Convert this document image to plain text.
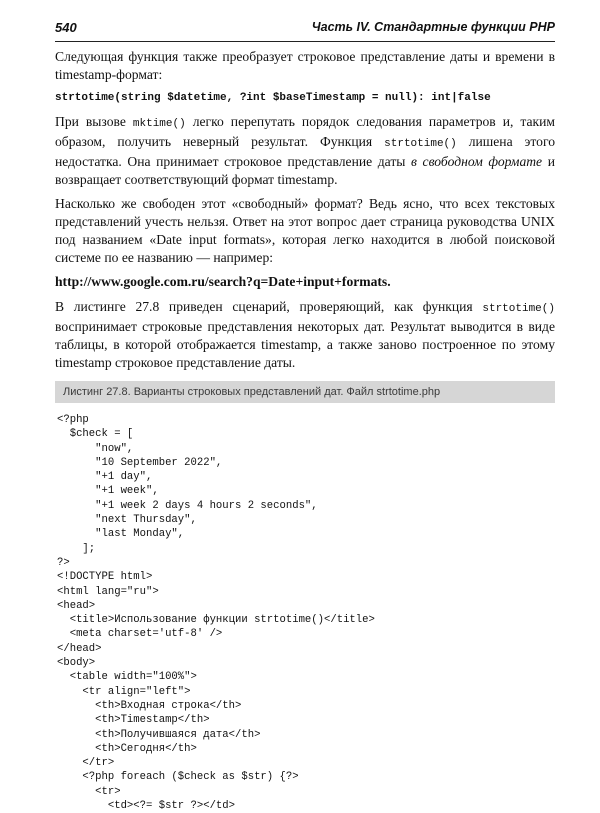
540	Часть IV. Стандартные функции PHP

Следующая функция также преобразует строковое представление даты и времени в timestamp-формат:

strtotime(string $datetime, ?int $baseTimestamp = null): int|false

При вызове mktime() легко перепутать порядок следования параметров и, таким образом, получить неверный результат. Функция strtotime() лишена этого недостатка. Она принимает строковое представление даты в свободном формате и возвращает соответствующий формат timestamp.

Насколько же свободен этот «свободный» формат? Ведь ясно, что всех текстовых представлений учесть нельзя. Ответ на этот вопрос дает страница руководства UNIX под названием «Date input formats», которая легко находится в любой поисковой системе по ее названию — например:

http://www.google.com.ru/search?q=Date+input+formats.

В листинге 27.8 приведен сценарий, проверяющий, как функция strtotime() воспринимает строковые представления некоторых дат. Результат выводится в виде таблицы, в которой отображается timestamp, а также заново построенное по этому timestamp строковое представление даты.

Листинг 27.8. Варианты строковых представлений дат. Файл strtotime.php
<?php
$check = [
"now",
"10 September 2022",
"+1 day",
"+1 week",
"+1 week 2 days 4 hours 2 seconds",
"next Thursday",
"last Monday",
];
?>
<!DOCTYPE html>
<html lang="ru">
<head>
<title>Использование функции strtotime()</title>
<meta charset='utf-8' />
</head>
<body>
<table width="100%">
<tr align="left">
<th>Входная строка</th>
<th>Timestamp</th>
<th>Получившаяся дата</th>
<th>Сегодня</th>
</tr>
<?php foreach ($check as $str) {?>
<tr>
<td><?= $str ?></td>
